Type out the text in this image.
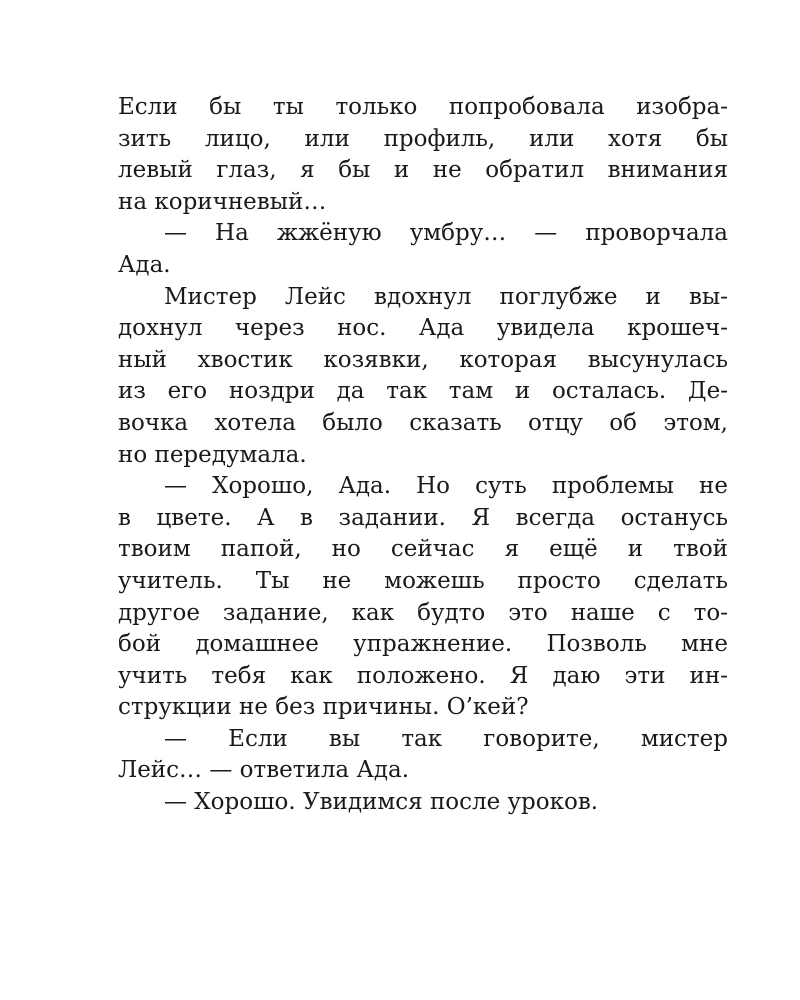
Если бы ты только попробовала изобра-
зить лицо, или профиль, или хотя бы
левый глаз, я бы и не обратил внимания
на коричневый…
— На жжёную умбру… — проворчала
Ада.
Мистер Лейс вдохнул поглубже и вы-
дохнул через нос. Ада увидела крошеч-
ный хвостик козявки, которая высунулась
из его ноздри да так там и осталась. Де-
вочка хотела было сказать отцу об этом,
но передумала.
— Хорошо, Ада. Но суть проблемы не
в цвете. А в задании. Я всегда останусь
твоим папой, но сейчас я ещё и твой
учитель. Ты не можешь просто сделать
другое задание, как будто это наше с то-
бой домашнее упражнение. Позволь мне
учить тебя как положено. Я даю эти ин-
струкции не без причины. О’кей?
— Если вы так говорите, мистер
Лейс… — ответила Ада.
— Хорошо. Увидимся после уроков.
